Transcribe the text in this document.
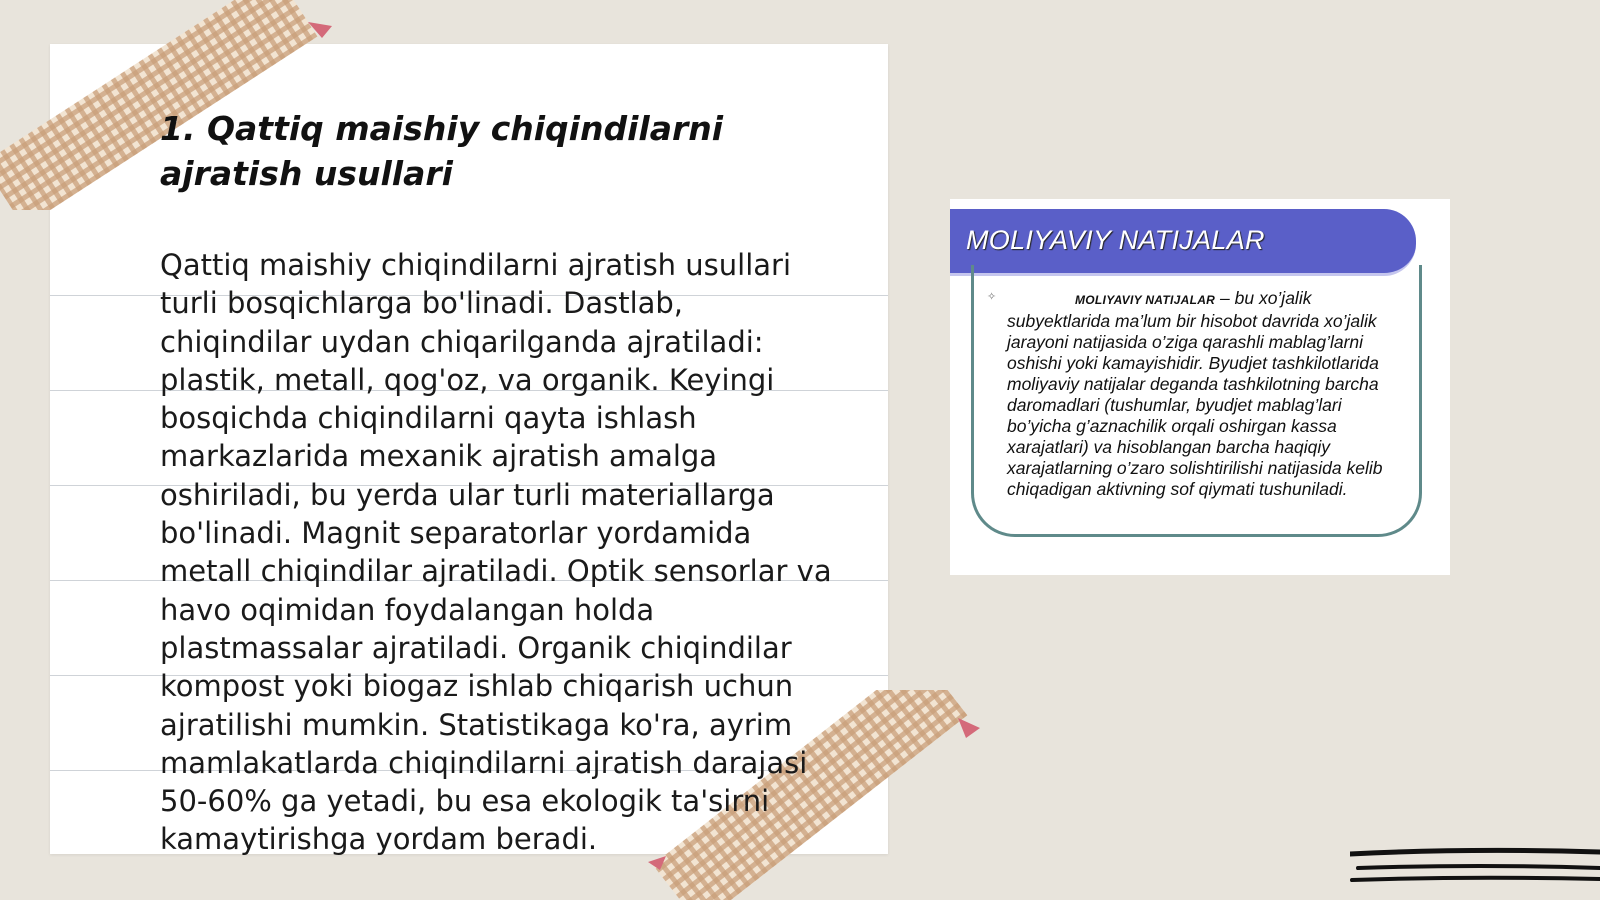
1. Qattiq maishiy chiqindilarni ajratish usullari

Qattiq maishiy chiqindilarni ajratish usullari turli bosqichlarga bo'linadi. Dastlab, chiqindilar uydan chiqarilganda ajratiladi: plastik, metall, qog'oz, va organik. Keyingi bosqichda chiqindilarni qayta ishlash markazlarida mexanik ajratish amalga oshiriladi, bu yerda ular turli materiallarga bo'linadi. Magnit separatorlar yordamida metall chiqindilar ajratiladi. Optik sensorlar va havo oqimidan foydalangan holda plastmassalar ajratiladi. Organik chiqindilar kompost yoki biogaz ishlab chiqarish uchun ajratilishi mumkin. Statistikaga ko'ra, ayrim mamlakatlarda chiqindilarni ajratish darajasi 50-60% ga yetadi, bu esa ekologik ta'sirni kamaytirishga yordam beradi.

MOLIYAVIY NATIJALAR
✧	MOLIYAVIY NATIJALAR – bu xo’jalik subyektlarida ma’lum bir hisobot davrida xo’jalik jarayoni natijasida o’ziga qarashli mablag’larni oshishi yoki kamayishidir. Byudjet tashkilotlarida moliyaviy natijalar deganda tashkilotning barcha daromadlari (tushumlar, byudjet mablag’lari bo’yicha g’aznachilik orqali oshirgan kassa xarajatlari) va hisoblangan barcha haqiqiy xarajatlarning o’zaro solishtirilishi natijasida kelib chiqadigan aktivning sof qiymati tushuniladi.
